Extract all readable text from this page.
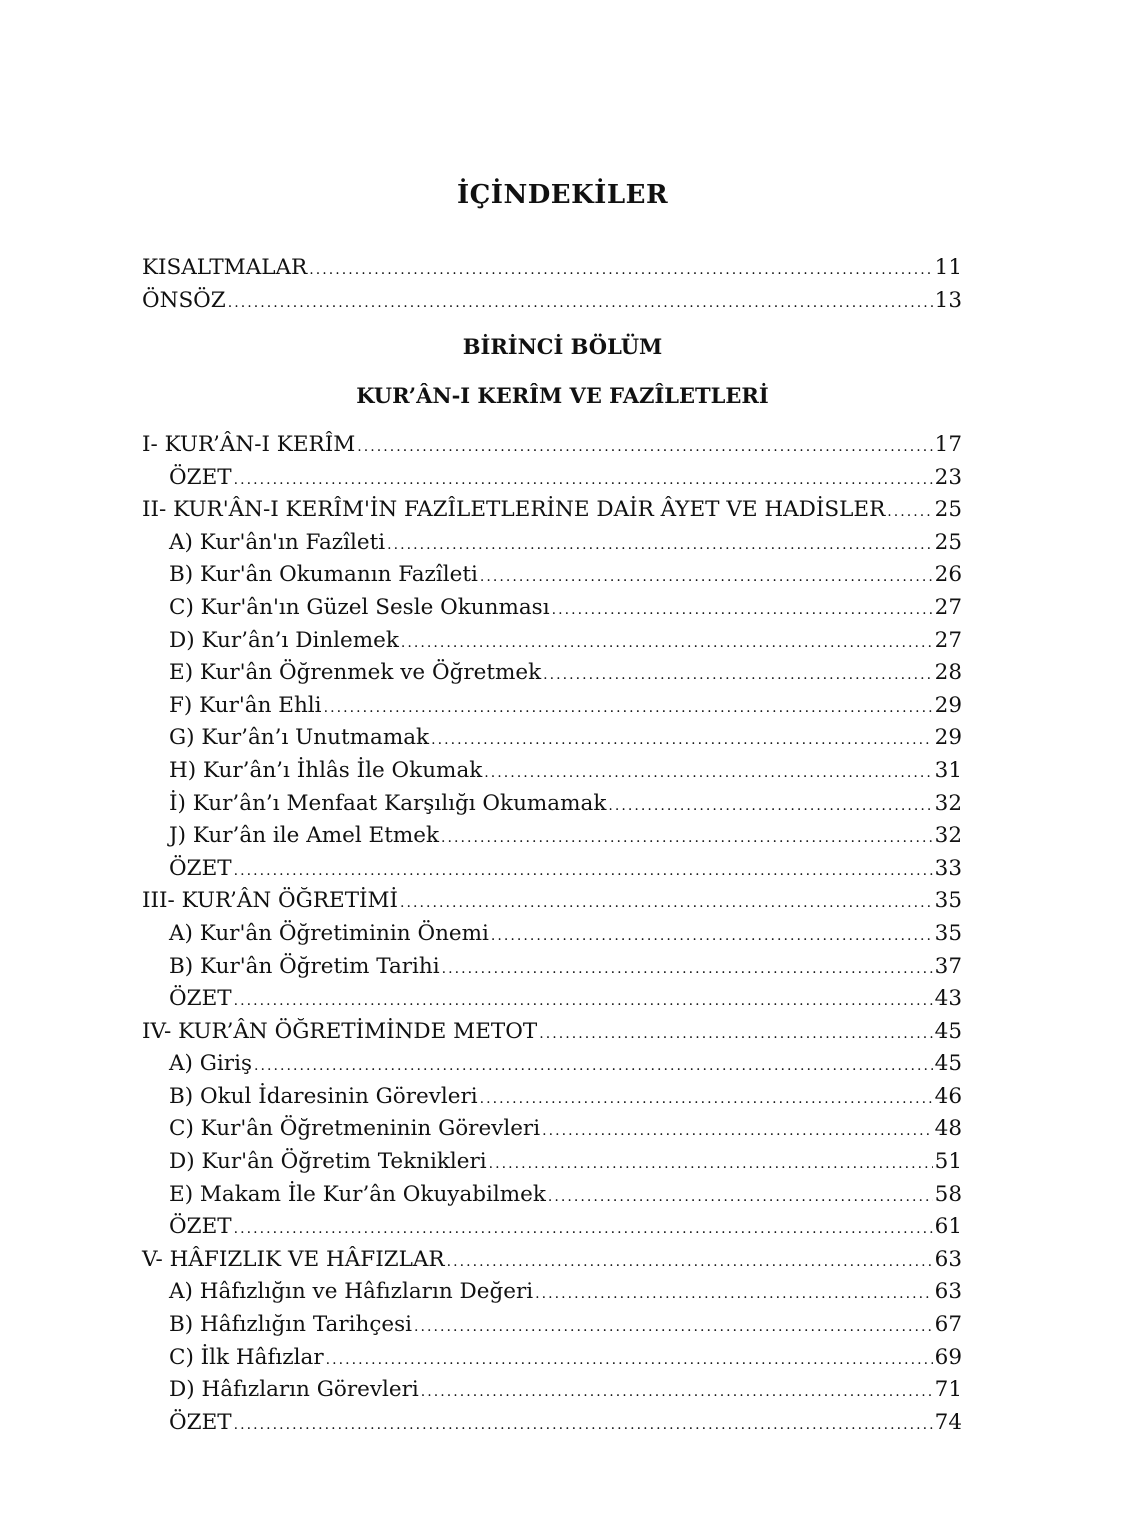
İÇİNDEKİLER
KISALTMALAR . . .	11
ÖNSÖZ . . .	13
BİRİNCİ BÖLÜM
KUR’ÂN-I KERÎM VE FAZÎLETLERİ
I- KUR’ÂN-I KERÎM . . .	17
ÖZET . . .	23
II- KUR'ÂN-I KERÎM'İN FAZÎLETLERİNE DAİR ÂYET VE HADİSLER . . . 25
A) Kur'ân'ın Fazîleti . . .	25
B) Kur'ân Okumanın Fazîleti . . .	26
C) Kur'ân'ın Güzel Sesle Okunması . . .	27
D) Kur’ân’ı Dinlemek . . .	27
E) Kur'ân Öğrenmek ve Öğretmek . . .	28
F) Kur'ân Ehli . . .	29
G) Kur’ân’ı Unutmamak . . .	29
H) Kur’ân’ı İhlâs İle Okumak . . .	31
İ) Kur’ân’ı Menfaat Karşılığı Okumamak . . .	32
J) Kur’ân ile Amel Etmek . . .	32
ÖZET . . .	33
III- KUR’ÂN ÖĞRETİMİ . . .	35
A) Kur'ân Öğretiminin Önemi . . .	35
B) Kur'ân Öğretim Tarihi . . .	37
ÖZET . . .	43
IV- KUR’ÂN ÖĞRETİMİNDE METOT . . .	45
A) Giriş . . .	45
B) Okul İdaresinin Görevleri . . .	46
C) Kur'ân Öğretmeninin Görevleri . . .	48
D) Kur'ân Öğretim Teknikleri . . .	51
E) Makam İle Kur’ân Okuyabilmek . . .	58
ÖZET . . .	61
V- HÂFIZLIK VE HÂFIZLAR . . .	63
A) Hâfızlığın ve Hâfızların Değeri . . .	63
B) Hâfızlığın Tarihçesi . . .	67
C) İlk Hâfızlar . . .	69
D) Hâfızların Görevleri . . .	71
ÖZET . . .	74
